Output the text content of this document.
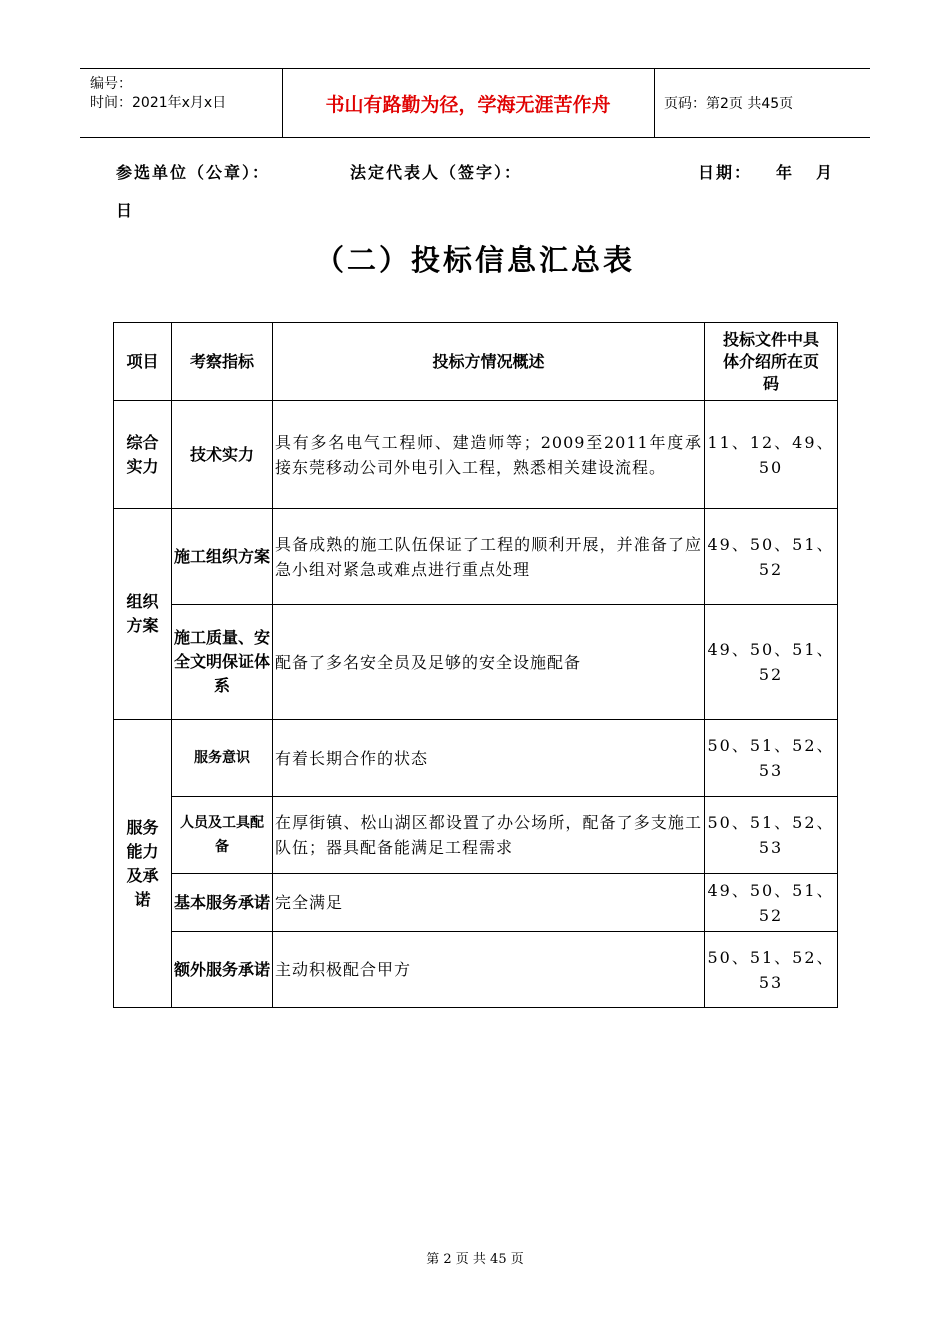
编号：
时间：2021年x月x日	书山有路勤为径，学海无涯苦作舟	页码：第2页 共45页
参选单位（公章）：	法定代表人（签字）：	日期： 年 月
日
（二）投标信息汇总表
项目	考察指标	投标方情况概述	投标文件中具体介绍所在页码
综合实力	技术实力	具有多名电气工程师、建造师等；2009至2011年度承接东莞移动公司外电引入工程，熟悉相关建设流程。	11、12、49、50
组织方案	施工组织方案	具备成熟的施工队伍保证了工程的顺利开展，并准备了应急小组对紧急或难点进行重点处理	49、50、51、52
	施工质量、安全文明保证体系	配备了多名安全员及足够的安全设施配备	49、50、51、52
服务能力及承诺	服务意识	有着长期合作的状态	50、51、52、53
	人员及工具配备	在厚街镇、松山湖区都设置了办公场所，配备了多支施工队伍；器具配备能满足工程需求	50、51、52、53
	基本服务承诺	完全满足	49、50、51、52
	额外服务承诺	主动积极配合甲方	50、51、52、53
第 2 页 共 45 页
